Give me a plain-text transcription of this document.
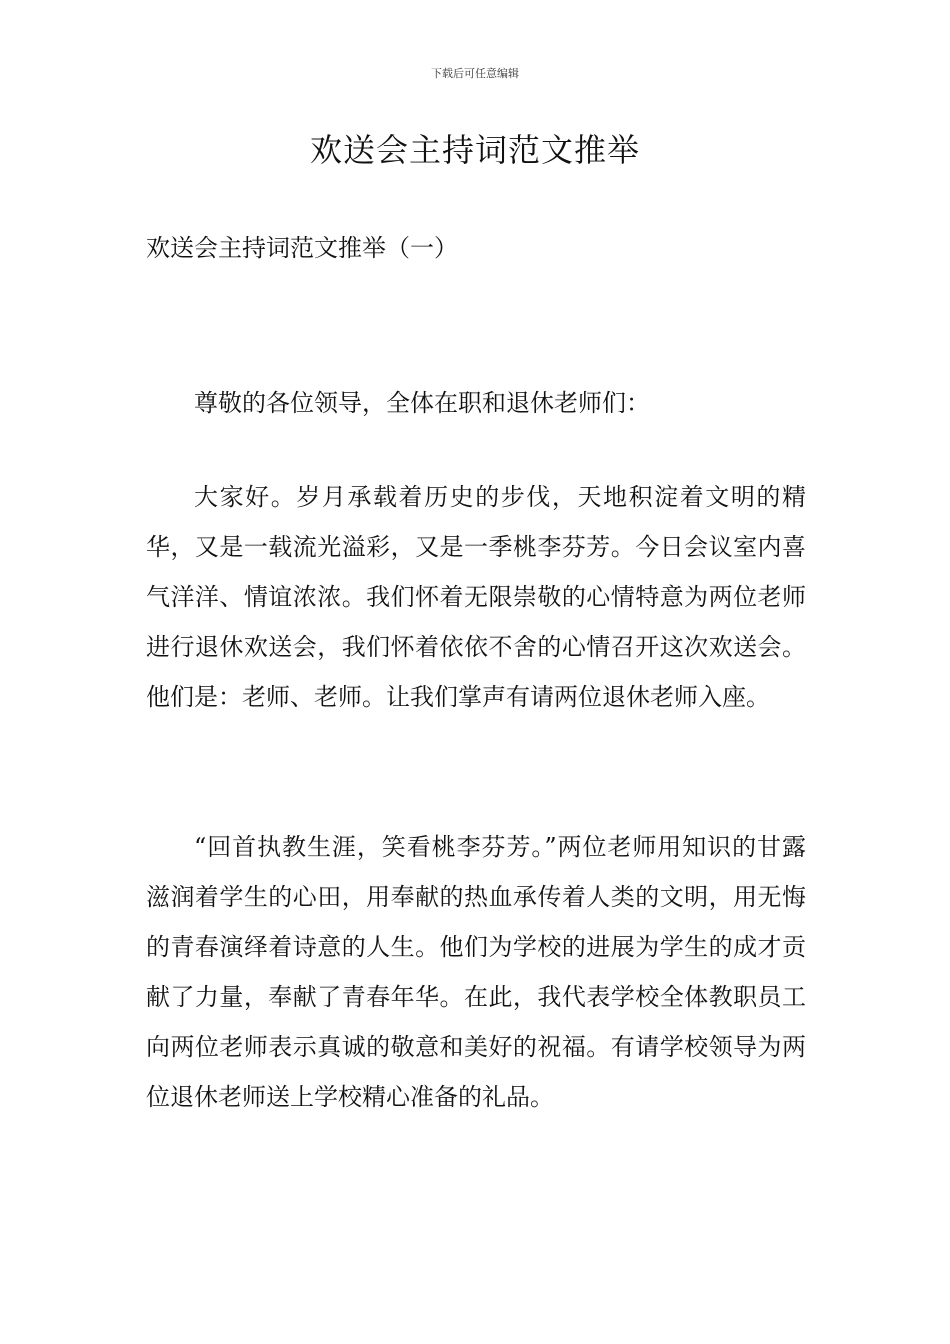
下载后可任意编辑
欢送会主持词范文推举
欢送会主持词范文推举（一）

尊敬的各位领导，全体在职和退休老师们：

大家好。岁月承载着历史的步伐，天地积淀着文明的精华，又是一载流光溢彩，又是一季桃李芬芳。今日会议室内喜气洋洋、情谊浓浓。我们怀着无限崇敬的心情特意为两位老师进行退休欢送会，我们怀着依依不舍的心情召开这次欢送会。他们是：老师、老师。让我们掌声有请两位退休老师入座。

“回首执教生涯，笑看桃李芬芳。”两位老师用知识的甘露滋润着学生的心田，用奉献的热血承传着人类的文明，用无悔的青春演绎着诗意的人生。他们为学校的进展为学生的成才贡献了力量，奉献了青春年华。在此，我代表学校全体教职员工向两位老师表示真诚的敬意和美好的祝福。有请学校领导为两位退休老师送上学校精心准备的礼品。
